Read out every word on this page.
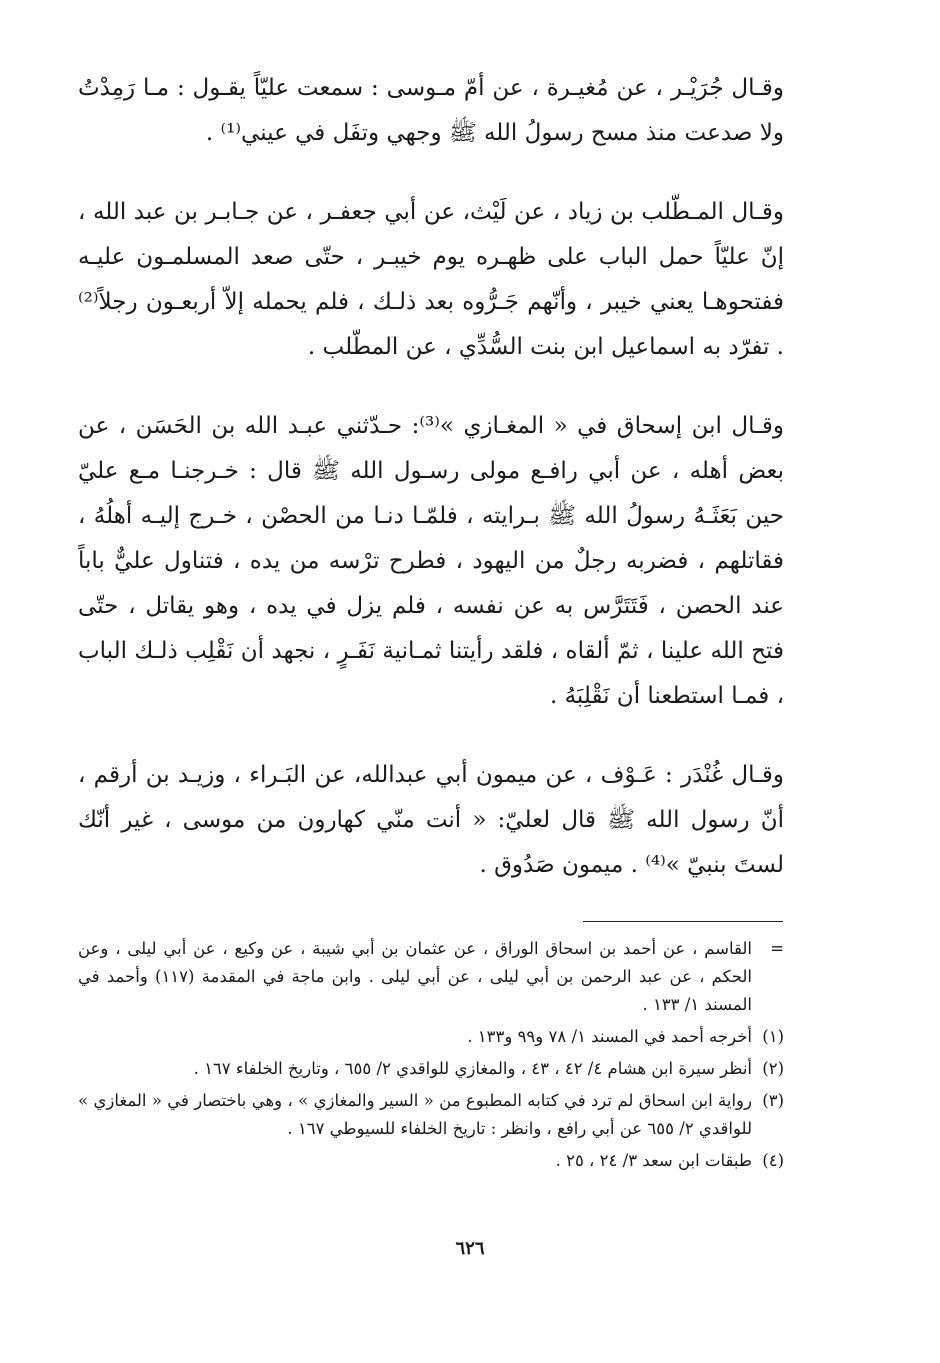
وقـال جُرَيْـر ، عن مُغيـرة ، عن أمّ مـوسى : سمعت عليّاً يقـول : مـا رَمِدْتُ ولا صدعت منذ مسح رسولُ الله ﷺ وجهي وتفَل في عيني⁽¹⁾ .

وقـال المـطّلب بن زياد ، عن لَيْث، عن أبي جعفـر ، عن جـابـر بن عبد الله ، إنّ عليّاً حمل الباب على ظهـره يوم خيبـر ، حتّى صعد المسلمـون عليـه ففتحوهـا يعني خيبر ، وأنّهم جَـرُّوه بعد ذلـك ، فلم يحمله إلاّ أربعـون رجلاً⁽²⁾ . تفرّد به اسماعيل ابن بنت السُّدِّي ، عن المطّلب .

وقـال ابن إسحاق في « المغـازي »⁽³⁾: حـدّثني عبـد الله بن الحَسَن ، عن بعض أهله ، عن أبي رافـع مولى رسـول الله ﷺ قال : خـرجنـا مـع عليّ حين بَعَثَـهُ رسولُ الله ﷺ بـرايته ، فلمّـا دنـا من الحصْن ، خـرج إليـه أهلُهُ ، فقاتلهم ، فضربه رجلٌ من اليهود ، فطرح ترْسه من يده ، فتناول عليٌّ باباً عند الحصن ، فَتَتَرَّس به عن نفسه ، فلم يزل في يده ، وهو يقاتل ، حتّى فتح الله علينا ، ثمّ ألقاه ، فلقد رأيتنا ثمـانية نَفَـرٍ ، نجهد أن نَقْلِب ذلـك الباب ، فمـا استطعنا أن نَقْلِبَهُ .

وقـال غُنْدَر : عَـوْف ، عن ميمون أبي عبدالله، عن البَـراء ، وزيـد بن أرقم ، أنّ رسول الله ﷺ قال لعليّ: « أنت منّي كهارون من موسى ، غير أنّك لستَ بنبيّ »⁽⁴⁾ . ميمون صَدُوق .

=
القاسم ، عن أحمد بن اسحاق الوراق ، عن عثمان بن أبي شيبة ، عن وكيع ، عن أبي ليلى ، وعن الحكم ، عن عبد الرحمن بن أبي ليلى ، عن أبي ليلى . وابن ماجة في المقدمة (١١٧) وأحمد في المسند ١/ ١٣٣ .
(١)
أخرجه أحمد في المسند ١/ ٧٨ و٩٩ و١٣٣ .
(٢)
أنظر سيرة ابن هشام ٤/ ٤٢ ، ٤٣ ، والمغازي للواقدي ٢/ ٦٥٥ ، وتاريخ الخلفاء ١٦٧ .
(٣)
رواية ابن اسحاق لم ترد في كتابه المطبوع من « السير والمغازي » ، وهي باختصار في « المغازي » للواقدي ٢/ ٦٥٥ عن أبي رافع ، وانظر : تاريخ الخلفاء للسيوطي ١٦٧ .
(٤)
طبقات ابن سعد ٣/ ٢٤ ، ٢٥ .
٦٢٦
